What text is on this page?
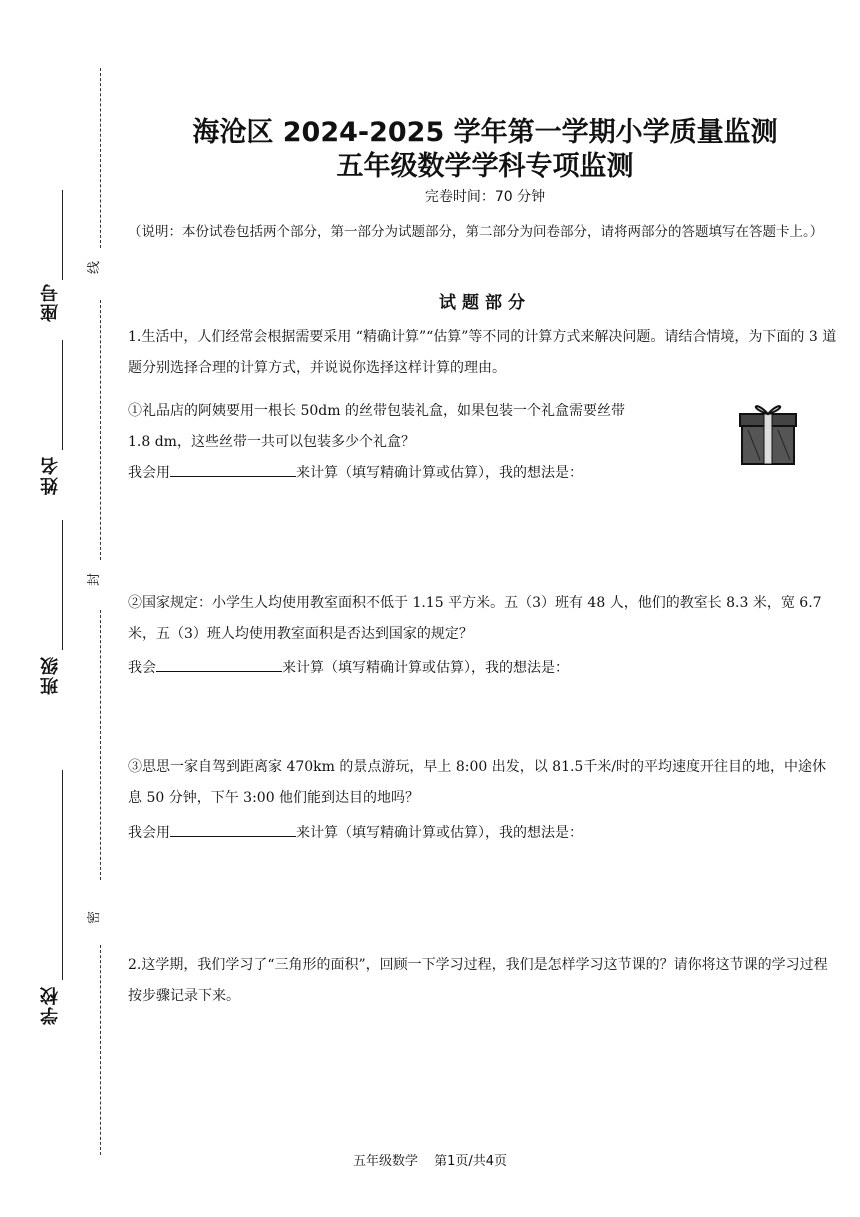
线
封
密
座号
姓名
班级
学校
海沧区 2024-2025 学年第一学期小学质量监测
五年级数学学科专项监测
完卷时间：70 分钟
（说明：本份试卷包括两个部分，第一部分为试题部分，第二部分为问卷部分，请将两部分的答题填写在答题卡上。）
试题部分
1.生活中，人们经常会根据需要采用 “精确计算”“估算”等不同的计算方式来解决问题。请结合情境，为下面的 3 道题分别选择合理的计算方式，并说说你选择这样计算的理由。
①礼品店的阿姨要用一根长 50dm 的丝带包装礼盒，如果包装一个礼盒需要丝带
1.8 dm，这些丝带一共可以包装多少个礼盒？
我会用	来计算（填写精确计算或估算），我的想法是：
②国家规定：小学生人均使用教室面积不低于 1.15 平方米。五（3）班有 48 人，他们的教室长 8.3 米，宽 6.7 米，五（3）班人均使用教室面积是否达到国家的规定？
我会	来计算（填写精确计算或估算），我的想法是：
③思思一家自驾到距离家 470km 的景点游玩，早上 8:00 出发，以 81.5千米/时的平均速度开往目的地，中途休息 50 分钟，下午 3:00 他们能到达目的地吗？
我会用	来计算（填写精确计算或估算），我的想法是：
2.这学期，我们学习了“三角形的面积”，回顾一下学习过程，我们是怎样学习这节课的？请你将这节课的学习过程按步骤记录下来。
五年级数学 第1页/共4页
